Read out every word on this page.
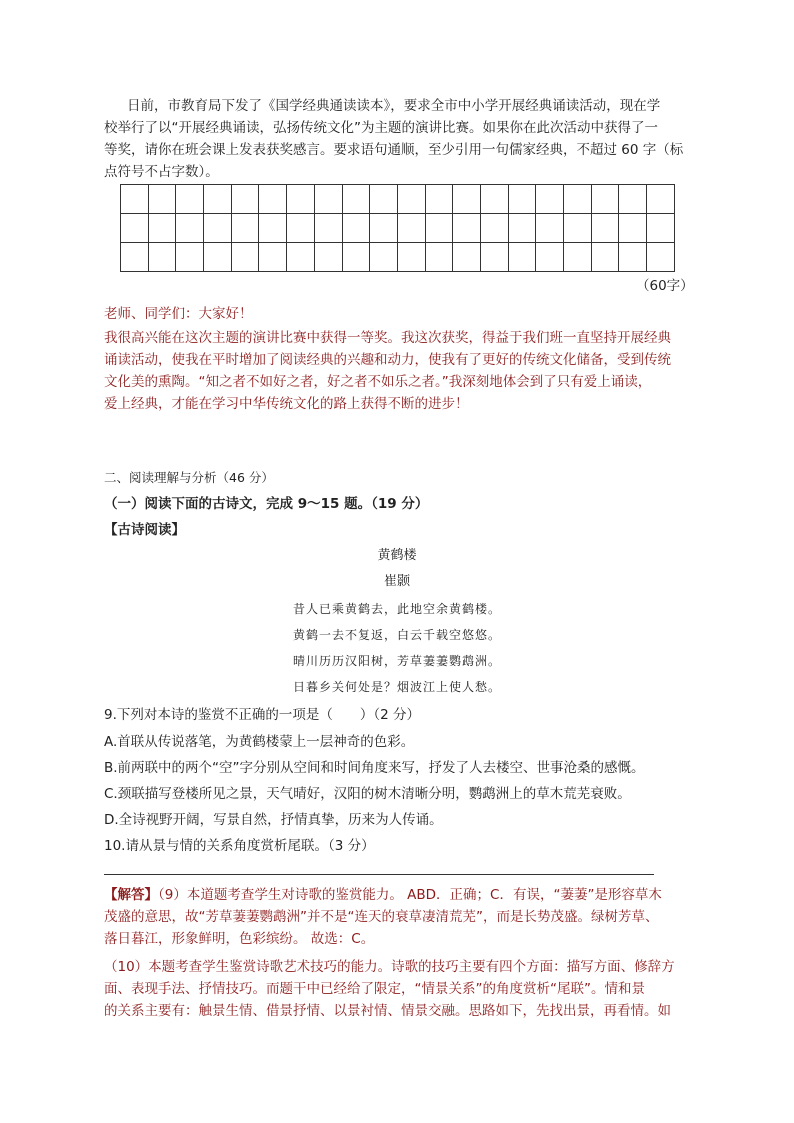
日前，市教育局下发了《国学经典通读读本》，要求全市中小学开展经典诵读活动，现在学
校举行了以“开展经典诵读，弘扬传统文化”为主题的演讲比赛。如果你在此次活动中获得了一
等奖，请你在班会课上发表获奖感言。要求语句通顺，至少引用一句儒家经典，不超过 60 字（标
点符号不占字数）。

（60字）
老师、同学们：大家好！
我很高兴能在这次主题的演讲比赛中获得一等奖。我这次获奖，得益于我们班一直坚持开展经典
诵读活动，使我在平时增加了阅读经典的兴趣和动力，使我有了更好的传统文化储备，受到传统
文化美的熏陶。“知之者不如好之者，好之者不如乐之者。”我深刻地体会到了只有爱上诵读，
爱上经典，才能在学习中华传统文化的路上获得不断的进步！
二、阅读理解与分析（46 分）
（一）阅读下面的古诗文，完成 9～15 题。（19 分）
【古诗阅读】
黄鹤楼
崔颢
昔人已乘黄鹤去，此地空余黄鹤楼。
黄鹤一去不复返，白云千载空悠悠。
晴川历历汉阳树，芳草萋萋鹦鹉洲。
日暮乡关何处是？烟波江上使人愁。
9.下列对本诗的鉴赏不正确的一项是（　　）（2 分）
A.首联从传说落笔，为黄鹤楼蒙上一层神奇的色彩。
B.前两联中的两个“空”字分别从空间和时间角度来写，抒发了人去楼空、世事沧桑的感慨。
C.颈联描写登楼所见之景，天气晴好，汉阳的树木清晰分明，鹦鹉洲上的草木荒芜衰败。
D.全诗视野开阔，写景自然，抒情真挚，历来为人传诵。
10.请从景与情的关系角度赏析尾联。（3 分）
【解答】（9）本道题考查学生对诗歌的鉴赏能力。 ABD．正确；C．有误，“萋萋”是形容草木
茂盛的意思，故“芳草萋萋鹦鹉洲”并不是“连天的衰草凄清荒芜”，而是长势茂盛。绿树芳草、
落日暮江，形象鲜明，色彩缤纷。 故选：C。
（10）本题考查学生鉴赏诗歌艺术技巧的能力。诗歌的技巧主要有四个方面：描写方面、修辞方
面、表现手法、抒情技巧。而题干中已经给了限定，“情景关系”的角度赏析“尾联”。情和景
的关系主要有：触景生情、借景抒情、以景衬情、情景交融。思路如下，先找出景，再看情。如
